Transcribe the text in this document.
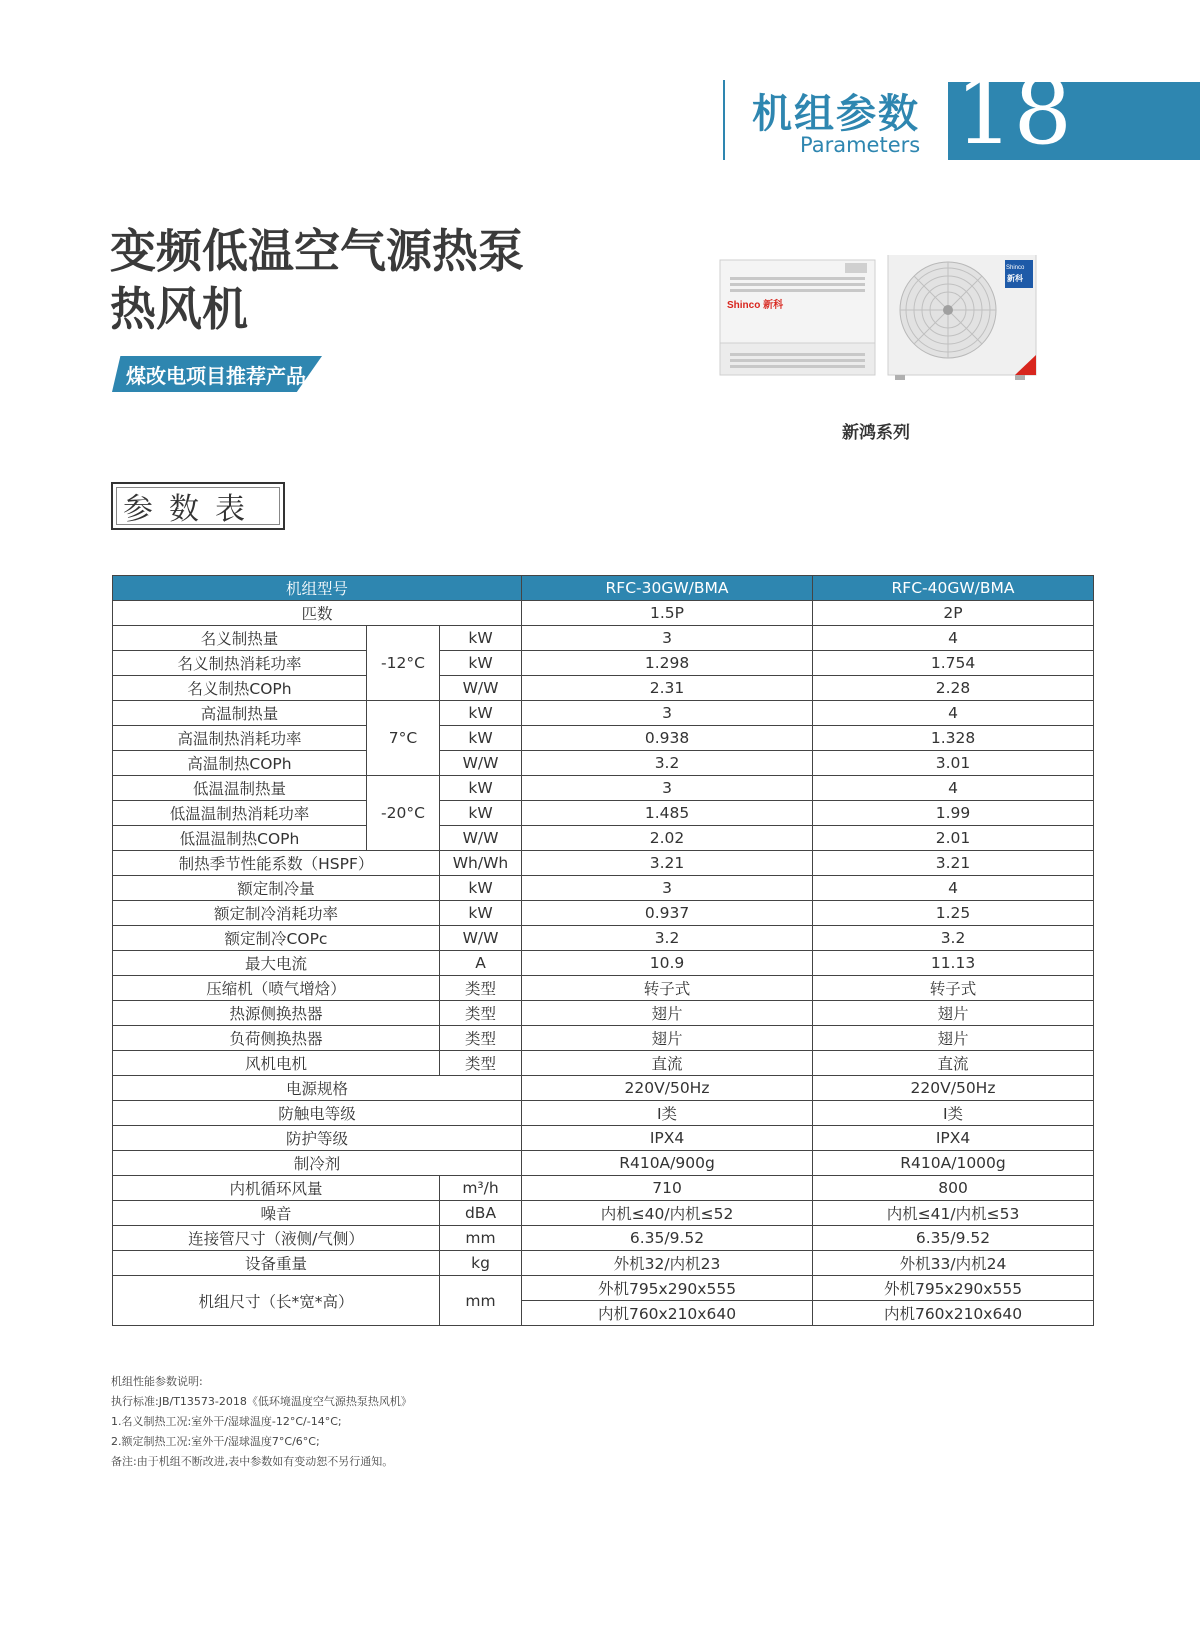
机组参数
Parameters 18
变频低温空气源热泵
热风机
煤改电项目推荐产品
Shinco 新科
Shinco
新科
新鸿系列
参数表
机组型号			RFC-30GW/BMA	RFC-40GW/BMA
匹数			1.5P	2P
名义制热量	-12°C	kW	3	4
名义制热消耗功率		kW	1.298	1.754
名义制热COPh		W/W	2.31	2.28
高温制热量	7°C	kW	3	4
高温制热消耗功率		kW	0.938	1.328
高温制热COPh		W/W	3.2	3.01
低温温制热量	-20°C	kW	3	4
低温温制热消耗功率		kW	1.485	1.99
低温温制热COPh		W/W	2.02	2.01
制热季节性能系数（HSPF）		Wh/Wh	3.21	3.21
额定制冷量		kW	3	4
额定制冷消耗功率		kW	0.937	1.25
额定制冷COPc		W/W	3.2	3.2
最大电流		A	10.9	11.13
压缩机（喷气增焓）		类型	转子式	转子式
热源侧换热器		类型	翅片	翅片
负荷侧换热器		类型	翅片	翅片
风机电机		类型	直流	直流
电源规格			220V/50Hz	220V/50Hz
防触电等级			I类	I类
防护等级			IPX4	IPX4
制冷剂			R410A/900g	R410A/1000g
内机循环风量		m³/h	710	800
噪音		dBA	内机≤40/内机≤52	内机≤41/内机≤53
连接管尺寸（液侧/气侧）		mm	6.35/9.52	6.35/9.52
设备重量		kg	外机32/内机23	外机33/内机24
机组尺寸（长*宽*高）		mm	外机795x290x555	外机795x290x555
			内机760x210x640	内机760x210x640
机组性能参数说明:
执行标准:JB/T13573-2018《低环境温度空气源热泵热风机》
1.名义制热工况:室外干/湿球温度-12°C/-14°C;
2.额定制热工况:室外干/湿球温度7°C/6°C;
备注:由于机组不断改进,表中参数如有变动恕不另行通知。
